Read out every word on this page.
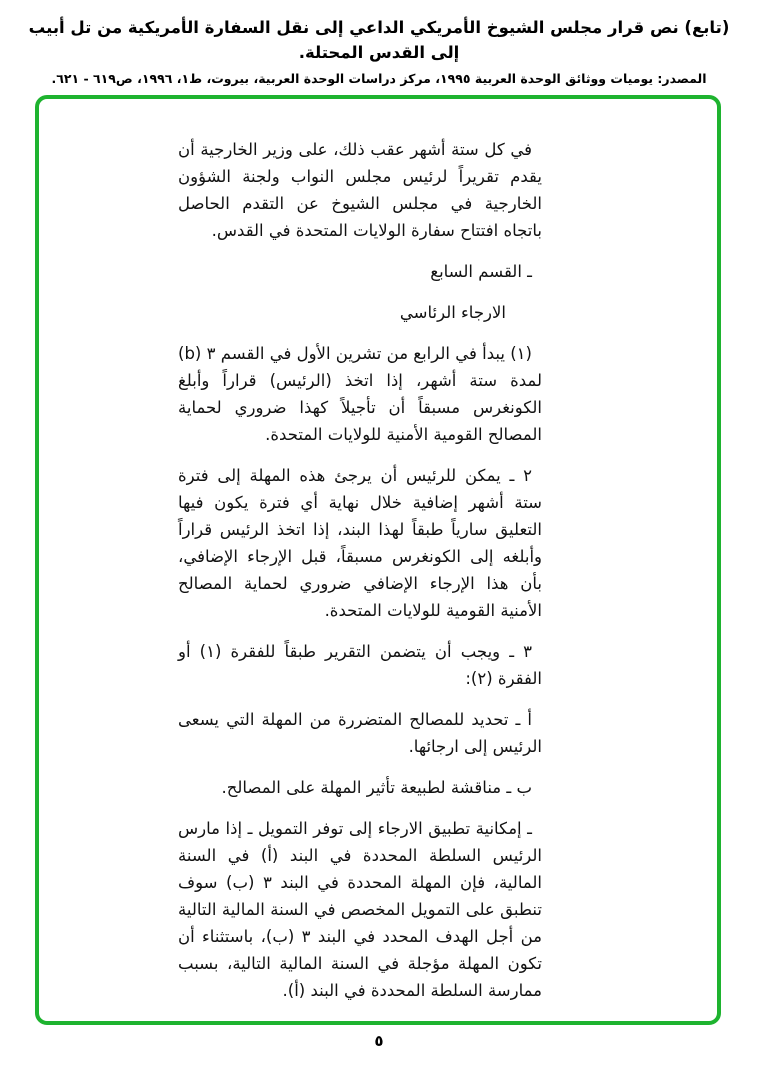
(تابع) نص قرار مجلس الشيوخ الأمريكي الداعي إلى نقل السفارة الأمريكية من تل أبيب إلى القدس المحتلة.
المصدر: يوميات ووثائق الوحدة العربية ١٩٩٥، مركز دراسات الوحدة العربية، بيروت، ط١، ١٩٩٦، ص٦١٩ - ٦٢١.

في كل ستة أشهر عقب ذلك، على وزير الخارجية أن يقدم تقريراً لرئيس مجلس النواب ولجنة الشؤون الخارجية في مجلس الشيوخ عن التقدم الحاصل باتجاه افتتاح سفارة الولايات المتحدة في القدس.

ـ القسم السابع

الارجاء الرئاسي

(١) يبدأ في الرابع من تشرين الأول في القسم ٣ (b) لمدة ستة أشهر، إذا اتخذ (الرئيس) قراراً وأبلغ الكونغرس مسبقاً أن تأجيلاً كهذا ضروري لحماية المصالح القومية الأمنية للولايات المتحدة.

٢ ـ يمكن للرئيس أن يرجئ هذه المهلة إلى فترة ستة أشهر إضافية خلال نهاية أي فترة يكون فيها التعليق سارياً طبقاً لهذا البند، إذا اتخذ الرئيس قراراً وأبلغه إلى الكونغرس مسبقاً، قبل الإرجاء الإضافي، بأن هذا الإرجاء الإضافي ضروري لحماية المصالح الأمنية القومية للولايات المتحدة.

٣ ـ ويجب أن يتضمن التقرير طبقاً للفقرة (١) أو الفقرة (٢):

أ ـ تحديد للمصالح المتضررة من المهلة التي يسعى الرئيس إلى ارجائها.

ب ـ مناقشة لطبيعة تأثير المهلة على المصالح.

ـ إمكانية تطبيق الارجاء إلى توفر التمويل ـ إذا مارس الرئيس السلطة المحددة في البند (أ) في السنة المالية، فإن المهلة المحددة في البند ٣ (ب) سوف تنطبق على التمويل المخصص في السنة المالية التالية من أجل الهدف المحدد في البند ٣ (ب)، باستثناء أن تكون المهلة مؤجلة في السنة المالية التالية، بسبب ممارسة السلطة المحددة في البند (أ).

٥
